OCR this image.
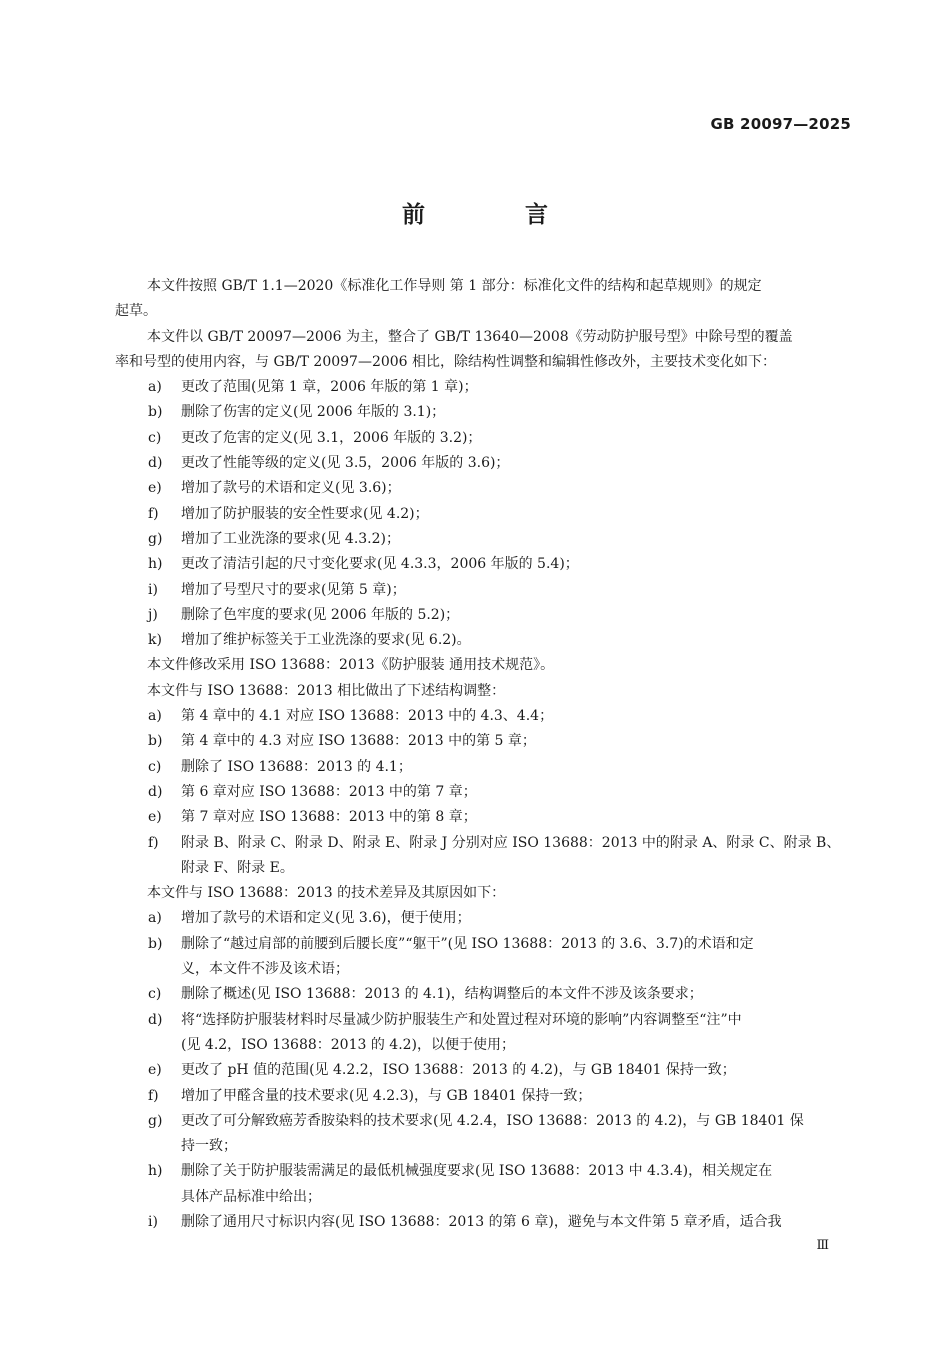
GB 20097—2025
前 言
本文件按照 GB/T 1.1—2020《标准化工作导则 第 1 部分：标准化文件的结构和起草规则》的规定
起草。
本文件以 GB/T 20097—2006 为主，整合了 GB/T 13640—2008《劳动防护服号型》中除号型的覆盖
率和号型的使用内容，与 GB/T 20097—2006 相比，除结构性调整和编辑性修改外，主要技术变化如下：
a)	更改了范围(见第 1 章，2006 年版的第 1 章)；
b)	删除了伤害的定义(见 2006 年版的 3.1)；
c)	更改了危害的定义(见 3.1，2006 年版的 3.2)；
d)	更改了性能等级的定义(见 3.5，2006 年版的 3.6)；
e)	增加了款号的术语和定义(见 3.6)；
f)	增加了防护服装的安全性要求(见 4.2)；
g)	增加了工业洗涤的要求(见 4.3.2)；
h)	更改了清洁引起的尺寸变化要求(见 4.3.3，2006 年版的 5.4)；
i)	增加了号型尺寸的要求(见第 5 章)；
j)	删除了色牢度的要求(见 2006 年版的 5.2)；
k)	增加了维护标签关于工业洗涤的要求(见 6.2)。
本文件修改采用 ISO 13688：2013《防护服装 通用技术规范》。
本文件与 ISO 13688：2013 相比做出了下述结构调整：
a)	第 4 章中的 4.1 对应 ISO 13688：2013 中的 4.3、4.4；
b)	第 4 章中的 4.3 对应 ISO 13688：2013 中的第 5 章；
c)	删除了 ISO 13688：2013 的 4.1；
d)	第 6 章对应 ISO 13688：2013 中的第 7 章；
e)	第 7 章对应 ISO 13688：2013 中的第 8 章；
f)	附录 B、附录 C、附录 D、附录 E、附录 J 分别对应 ISO 13688：2013 中的附录 A、附录 C、附录 B、
附录 F、附录 E。
本文件与 ISO 13688：2013 的技术差异及其原因如下：
a)	增加了款号的术语和定义(见 3.6)，便于使用；
b)	删除了“越过肩部的前腰到后腰长度”“躯干”(见 ISO 13688：2013 的 3.6、3.7)的术语和定
义，本文件不涉及该术语；
c)	删除了概述(见 ISO 13688：2013 的 4.1)，结构调整后的本文件不涉及该条要求；
d)	将“选择防护服装材料时尽量减少防护服装生产和处置过程对环境的影响”内容调整至“注”中
(见 4.2，ISO 13688：2013 的 4.2)，以便于使用；
e)	更改了 pH 值的范围(见 4.2.2，ISO 13688：2013 的 4.2)，与 GB 18401 保持一致；
f)	增加了甲醛含量的技术要求(见 4.2.3)，与 GB 18401 保持一致；
g)	更改了可分解致癌芳香胺染料的技术要求(见 4.2.4，ISO 13688：2013 的 4.2)，与 GB 18401 保
持一致；
h)	删除了关于防护服装需满足的最低机械强度要求(见 ISO 13688：2013 中 4.3.4)，相关规定在
具体产品标准中给出；
i)	删除了通用尺寸标识内容(见 ISO 13688：2013 的第 6 章)，避免与本文件第 5 章矛盾，适合我
Ⅲ
